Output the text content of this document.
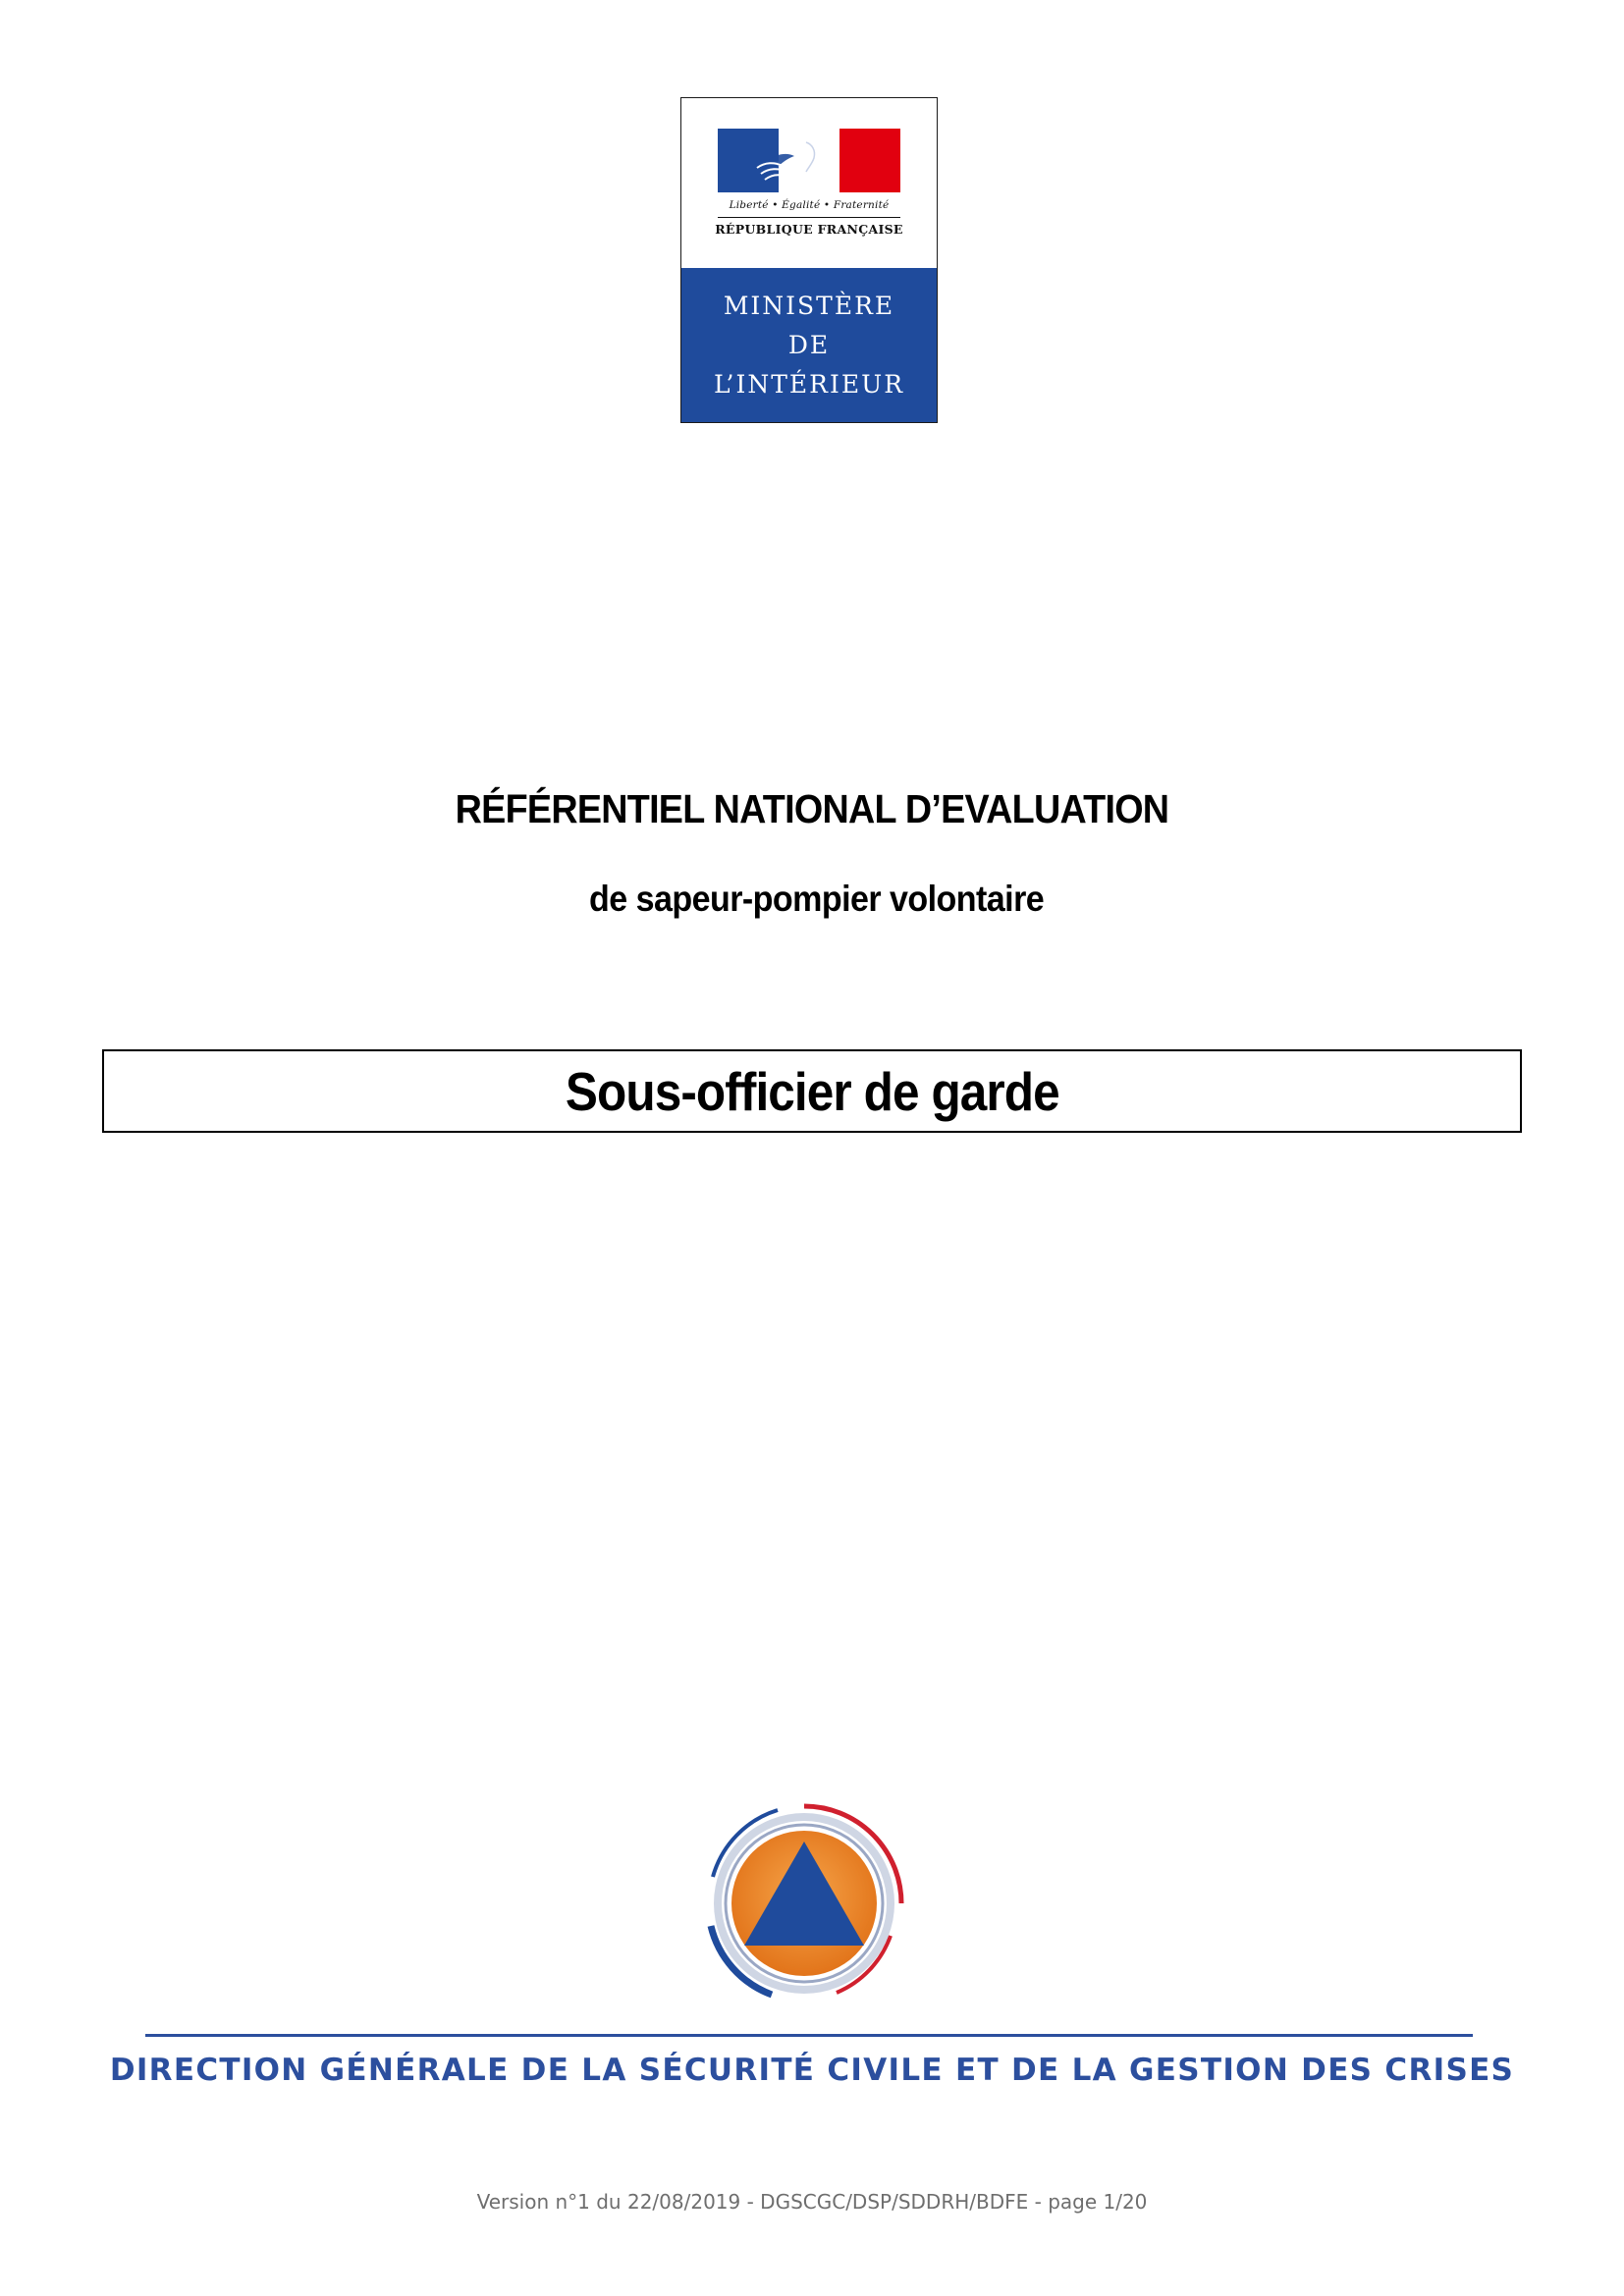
Liberté • Égalité • Fraternité
RÉPUBLIQUE FRANÇAISE
MINISTÈRE
DE
L’INTÉRIEUR
RÉFÉRENTIEL NATIONAL D’EVALUATION
de sapeur-pompier volontaire
Sous-officier de garde
DIRECTION GÉNÉRALE DE LA SÉCURITÉ CIVILE ET DE LA GESTION DES CRISES
Version n°1 du 22/08/2019 - DGSCGC/DSP/SDDRH/BDFE - page 1/20
